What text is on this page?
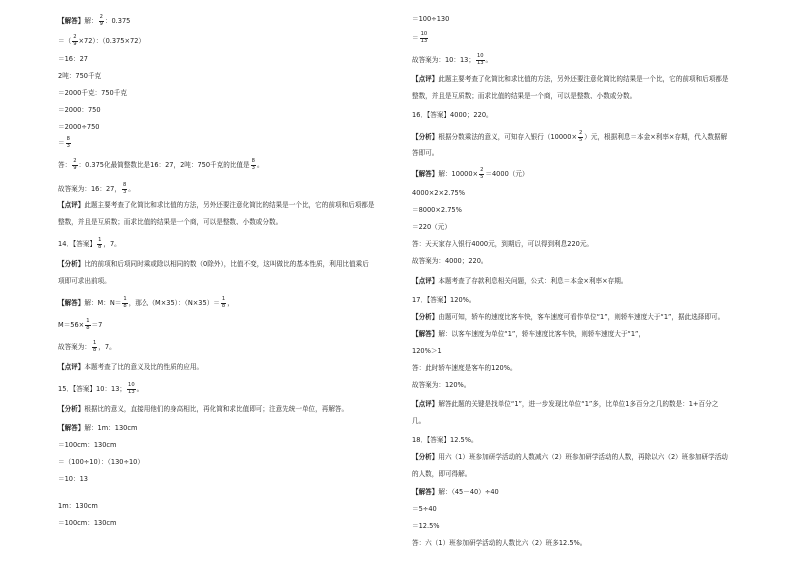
【解答】解： $\frac{2}{9}$ ：0.375
＝（ $\frac{2}{9} \times 72$）：（0.375×72）
＝16：27
2吨：750千克
＝2000千克：750千克
＝2000：750
＝2000÷750
＝ $\frac{8}{3}$
答： $\frac{2}{9}$ ：0.375化最简整数比是16：27，2吨：750千克的比值是 $\frac{8}{3}$ 。
故答案为：16：27， $\frac{8}{3}$ 。
【点评】此题主要考查了化简比和求比值的方法，另外还要注意化简比的结果是一个比，它的前项和后项都是
整数，并且是互质数；而求比值的结果是一个商，可以是整数、小数或分数。
14．【答案】 $\frac{1}{8}$ ，7。
【分析】比的前项和后项同时乘或除以相同的数（0除外），比值不变，这叫做比的基本性质，利用比值乘后
项即可求出前项。
【解答】解：M：$N= \frac{1}{8}$ ，那么（M×35）：$(N\times 35)= \frac{1}{8}$ ，
$M=56\times \frac{1}{8} =7$
故答案为： $\frac{1}{8}$ ，7。
【点评】本题考查了比的意义及比的性质的应用。
15．【答案】10：13； $\frac{10}{13}$ 。
【分析】根据比的意义，直接用他们的身高相比，再化简和求比值即可；注意先统一单位，再解答。
【解答】解：1m：130cm
＝100cm：130cm
＝（100÷10）：（130÷10）
＝10：13
1m：130cm
＝100cm：130cm
＝100÷130
＝ $\frac{10}{13}$
故答案为：10：13； $\frac{10}{13}$ 。
【点评】此题主要考查了化简比和求比值的方法，另外还要注意化简比的结果是一个比，它的前项和后项都是
整数，并且是互质数；而求比值的结果是一个商，可以是整数、小数或分数。
16．【答案】4000；220。
【分析】根据分数乘法的意义，可知存入银行（$10000\times \frac{2}{5}$ ）元，根据利息＝本金×利率×存期，代入数据解
答即可。
【解答】解：$10000\times \frac{2}{5} =4000$（元）
4000×2×2.75%
＝8000×2.75%
＝220（元）
答：天天家存入银行4000元，到期后，可以得到利息220元。
故答案为：4000；220。
【点评】本题考查了存款利息相关问题，公式：利息＝本金×利率×存期。
17．【答案】120%。
【分析】由题可知，轿车的速度比客车快，客车速度可看作单位“1”，则轿车速度大于“1”，据此选择即可。
【解答】解：以客车速度为单位“1”，轿车速度比客车快，则轿车速度大于“1”，
120%＞1
答：此时轿车速度是客车的120%。
故答案为：120%。
【点评】解答此题的关键是找单位“1”，进一步发现比单位“1”多，比单位1多百分之几的数是：1+百分之
几。
18．【答案】12.5%。
【分析】用六（1）班参加研学活动的人数减六（2）班参加研学活动的人数，再除以六（2）班参加研学活动
的人数，即可得解。
【解答】解：（45－40）÷40
＝5÷40
＝12.5%
答：六（1）班参加研学活动的人数比六（2）班多12.5%。
